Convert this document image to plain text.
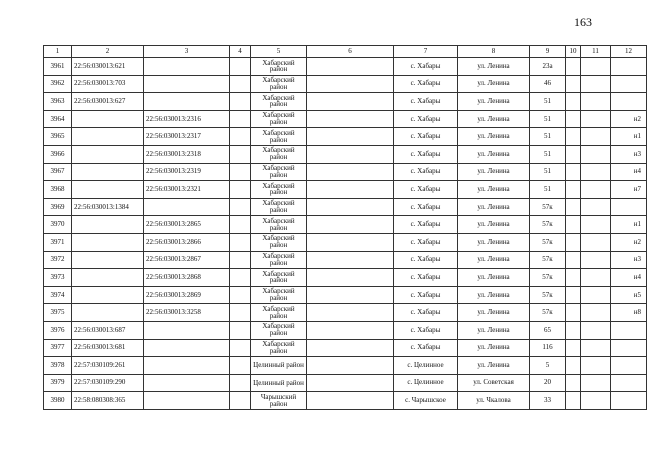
163
1	2	3	4	5	6	7	8	9	10	11	12
3961	22:56:030013:621			Хабарский район		с. Хабары	ул. Ленина	23а			
3962	22:56:030013:703			Хабарский район		с. Хабары	ул. Ленина	46			
3963	22:56:030013:627			Хабарский район		с. Хабары	ул. Ленина	51			
3964		22:56:030013:2316		Хабарский район		с. Хабары	ул. Ленина	51			н2
3965		22:56:030013:2317		Хабарский район		с. Хабары	ул. Ленина	51			н1
3966		22:56:030013:2318		Хабарский район		с. Хабары	ул. Ленина	51			н3
3967		22:56:030013:2319		Хабарский район		с. Хабары	ул. Ленина	51			н4
3968		22:56:030013:2321		Хабарский район		с. Хабары	ул. Ленина	51			н7
3969	22:56:030013:1384			Хабарский район		с. Хабары	ул. Ленина	57к			
3970		22:56:030013:2865		Хабарский район		с. Хабары	ул. Ленина	57к			н1
3971		22:56:030013:2866		Хабарский район		с. Хабары	ул. Ленина	57к			н2
3972		22:56:030013:2867		Хабарский район		с. Хабары	ул. Ленина	57к			н3
3973		22:56:030013:2868		Хабарский район		с. Хабары	ул. Ленина	57к			н4
3974		22:56:030013:2869		Хабарский район		с. Хабары	ул. Ленина	57к			н5
3975		22:56:030013:3258		Хабарский район		с. Хабары	ул. Ленина	57к			н8
3976	22:56:030013:687			Хабарский район		с. Хабары	ул. Ленина	65			
3977	22:56:030013:681			Хабарский район		с. Хабары	ул. Ленина	116			
3978	22:57:030109:261			Целинный район		с. Целинное	ул. Ленина	5			
3979	22:57:030109:290			Целинный район		с. Целинное	ул. Советская	20			
3980	22:58:080308:365			Чарышский район		с. Чарышское	ул. Чкалова	33			
